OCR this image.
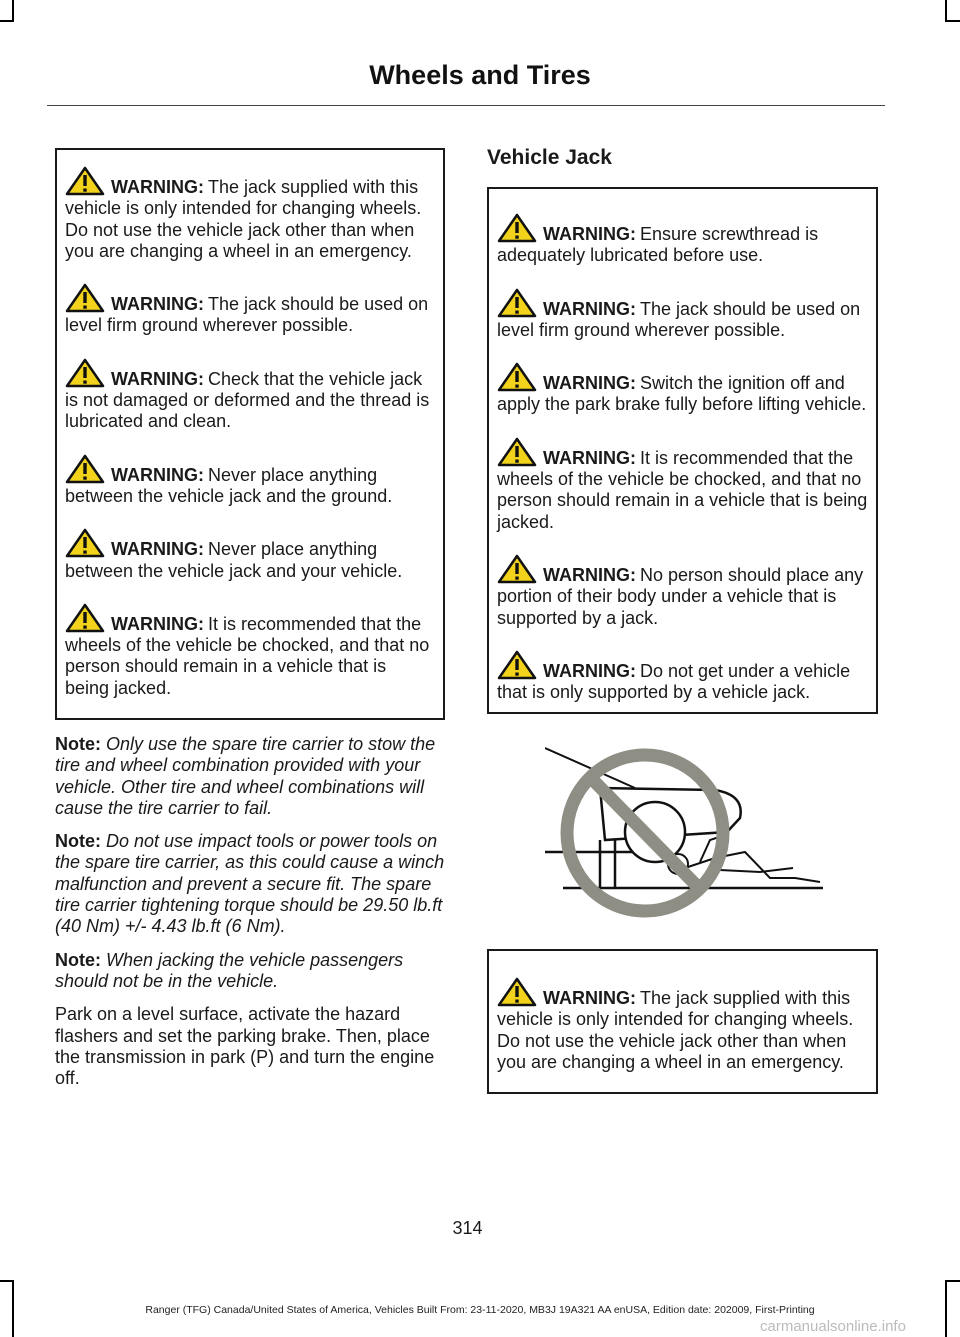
Wheels and Tires

WARNING: The jack supplied with this vehicle is only intended for changing wheels. Do not use the vehicle jack other than when you are changing a wheel in an emergency.

WARNING: The jack should be used on level firm ground wherever possible.

WARNING: Check that the vehicle jack is not damaged or deformed and the thread is lubricated and clean.

WARNING: Never place anything between the vehicle jack and the ground.

WARNING: Never place anything between the vehicle jack and your vehicle.

WARNING: It is recommended that the wheels of the vehicle be chocked, and that no person should remain in a vehicle that is being jacked.

Note: Only use the spare tire carrier to stow the tire and wheel combination provided with your vehicle. Other tire and wheel combinations will cause the tire carrier to fail.

Note: Do not use impact tools or power tools on the spare tire carrier, as this could cause a winch malfunction and prevent a secure fit. The spare tire carrier tightening torque should be 29.50 lb.ft (40 Nm) +/- 4.43 lb.ft (6 Nm).

Note: When jacking the vehicle passengers should not be in the vehicle.

Park on a level surface, activate the hazard flashers and set the parking brake. Then, place the transmission in park (P) and turn the engine off.

Vehicle Jack

WARNING: Ensure screwthread is adequately lubricated before use.

WARNING: The jack should be used on level firm ground wherever possible.

WARNING: Switch the ignition off and apply the park brake fully before lifting vehicle.

WARNING: It is recommended that the wheels of the vehicle be chocked, and that no person should remain in a vehicle that is being jacked.

WARNING: No person should place any portion of their body under a vehicle that is supported by a jack.

WARNING: Do not get under a vehicle that is only supported by a vehicle jack.

WARNING: The jack supplied with this vehicle is only intended for changing wheels. Do not use the vehicle jack other than when you are changing a wheel in an emergency.

314
Ranger (TFG) Canada/United States of America, Vehicles Built From: 23-11-2020, MB3J 19A321 AA enUSA, Edition date: 202009, First-Printing
carmanualsonline.info
